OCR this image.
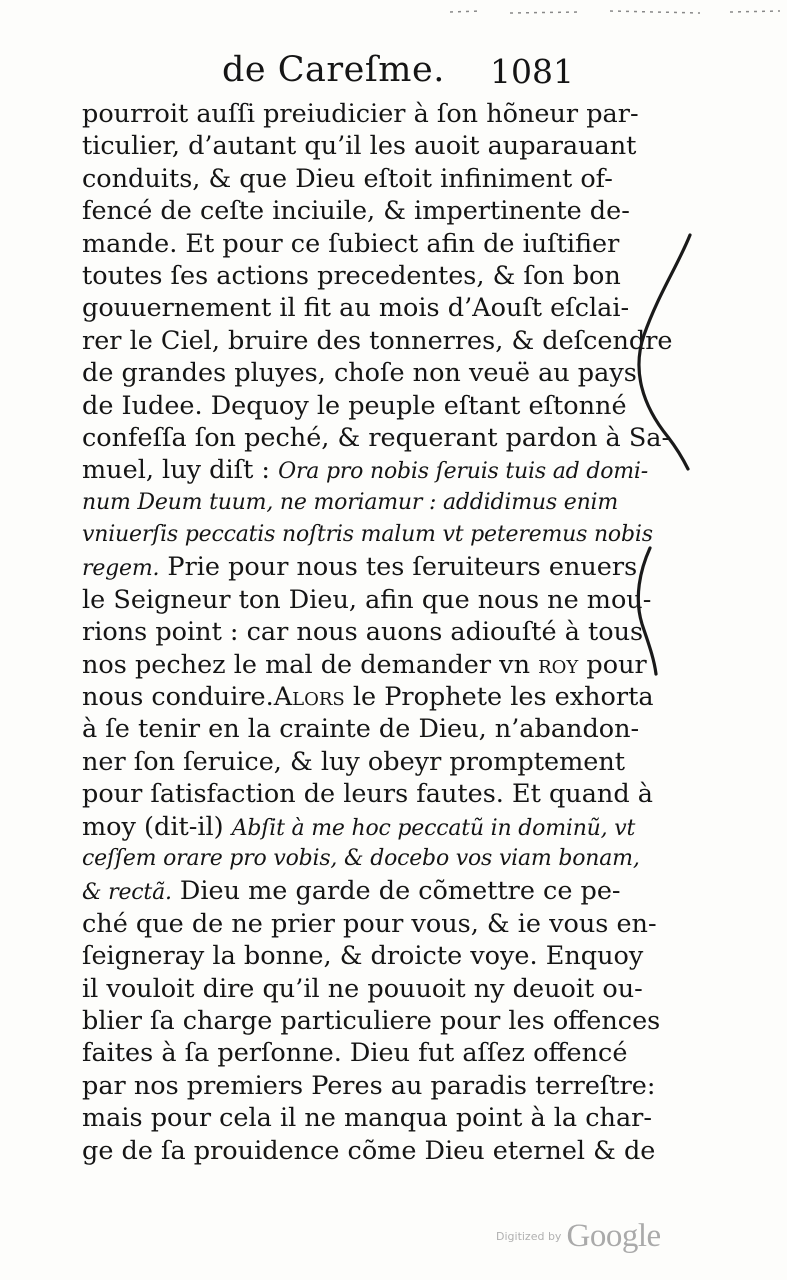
de Careſme. 1081
pourroit auſſi preiudicier à ſon hõneur par-
ticulier, d’autant qu’il les auoit auparauant
conduits, & que Dieu eſtoit infiniment of-
fencé de ceſte inciuile, & impertinente de-
mande. Et pour ce ſubiect afin de iuſtifier
toutes ſes actions precedentes, & ſon bon
gouuernement il fit au mois d’Aouſt eſclai-
rer le Ciel, bruire des tonnerres, & deſcendre
de grandes pluyes, choſe non veuë au pays
de Iudee. Dequoy le peuple eſtant eſtonné
confeſſa ſon peché, & requerant pardon à Sa-
muel, luy diſt : Ora pro nobis ſeruis tuis ad domi-
num Deum tuum, ne moriamur : addidimus enim
vniuerſis peccatis noſtris malum vt peteremus nobis
regem. Prie pour nous tes ſeruiteurs enuers
le Seigneur ton Dieu, afin que nous ne mou-
rions point : car nous auons adiouſté à tous
nos pechez le mal de demander vn roy pour
nous conduire.Alors le Prophete les exhorta
à ſe tenir en la crainte de Dieu, n’abandon-
ner ſon ſeruice, & luy obeyr promptement
pour ſatisfaction de leurs fautes. Et quand à
moy (dit-il) Abſit à me hoc peccatũ in dominũ, vt
ceſſem orare pro vobis, & docebo vos viam bonam,
& rectã. Dieu me garde de cõmettre ce pe-
ché que de ne prier pour vous, & ie vous en-
ſeigneray la bonne, & droicte voye. Enquoy
il vouloit dire qu’il ne pouuoit ny deuoit ou-
blier ſa charge particuliere pour les offences
faites à ſa perſonne. Dieu fut aſſez offencé
par nos premiers Peres au paradis terreſtre:
mais pour cela il ne manqua point à la char-
ge de ſa prouidence cõme Dieu eternel & de
Digitized by Google
